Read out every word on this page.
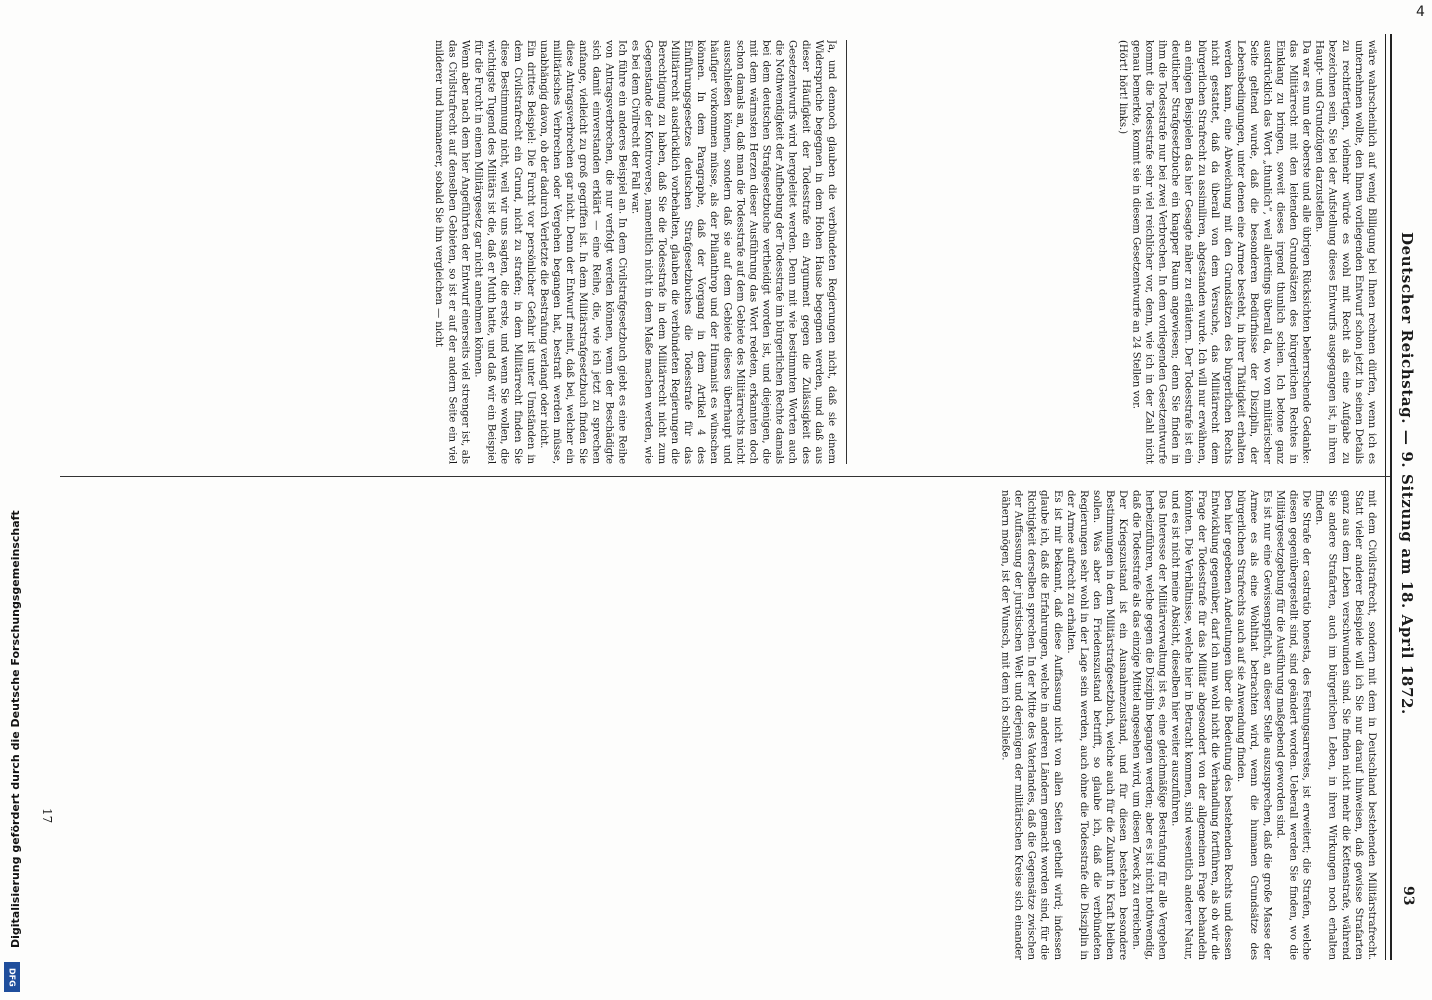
4
Deutscher Reichstag. — 9. Sitzung am 18. April 1872.
93
wäre wahrscheinlich auf wenig Billigung bei Ihnen rechnen dürfen, wenn ich es unternehmen wollte, den Ihnen vorliegenden Entwurf schon jetzt in seinen Details zu rechtfertigen, vielmehr würde es wohl mit Recht als eine Aufgabe zu bezeichnen sein, Sie bei der Aufstellung dieses Entwurfs ausgegangen ist, in ihren Haupt- und Grundzügen darzustellen.
Da war es nun der oberste und alle übrigen Rücksichten beherrschende Gedanke: das Militärrecht mit den leitenden Grundsätzen des bürgerlichen Rechtes in Einklang zu bringen, soweit dieses irgend thunlich schien. Ich betone ganz ausdrücklich das Wort „thunlich“, weil allerdings überall da, wo von militärischer Seite geltend wurde, daß die besonderen Bedürfnisse der Disziplin, der Lebensbedingungen, unter denen eine Armee besteht, in ihrer Thätigkeit erhalten werden kann, eine Abweichung mit den Grundsätzen des bürgerlichen Rechts nicht gestattet, daß da überall von dem Versuche, das Militärrecht dem bürgerlichen Strafrecht zu assimiliren, abgestanden wurde. Ich will nur erwähnen, an einigen Beispielen das hier Gesagte näher zu erläutern. Der Todesstrafe ist ein deutlicher Strafgesetzbuche ein knapper Raum angewiesen; denn Sie finden in ihm die Todesstrafe nur bei zwei Verbrechen. In dem vorliegenden Gesetzentwurfe kommt die Todesstrafe sehr viel reichlicher vor, denn, wie ich in der Zahl nicht genau bemerkte, kommt sie in diesem Gesetzentwurfe an 24 Stellen vor.
(Hört! hört! links.)
Ja, und dennoch glauben die verbündeten Regierungen nicht, daß sie einem Widerspruche begegnen in dem Hohen Hause begegnen werden, und daß aus dieser Häufigkeit der Todesstrafe ein Argument gegen die Zulässigkeit des Gesetzentwurfs wird hergeleitet werden. Denn mit wie bestimmten Worten auch die Nothwendigkeit der Aufhebung der Todesstrafe im bürgerlichen Rechte damals bei dem deutschen Strafgesetzbuche vertheidigt worden ist, und diejenigen, die mit dem wärmsten Herzen dieser Ausführung das Wort redeten, erkannten doch schon damals an, daß man die Todesstrafe auf dem Gebiete des Militärrechts nicht ausschließen können, sondern daß sie auf dem Gebiete dieses überhaupt und häufiger vorkommen müsse, als der Philanthrop und der Humanist es wünschen können. In dem Paragraphe, daß der Vorgang in dem Artikel 4 des Einführungsgesetzes deutschen Strafgesetzbuches die Todesstrafe für das Militärrecht ausdrücklich vorbehalten, glauben die verbündeten Regierungen die Berechtigung zu haben, daß Sie die Todesstrafe in dem Militärrecht nicht zum Gegenstande der Kontroverse, namentlich nicht in dem Maße machen werden, wie es bei dem Civilrecht der Fall war.
Ich führe ein anderes Beispiel an. In dem Civilstrafgesetzbuch giebt es eine Reihe von Antragsverbrechen, die nur verfolgt werden können, wenn der Beschädigte sich damit einverstanden erklärt — eine Reihe, die, wie ich jetzt zu sprechen anfange, vielleicht zu groß gegriffen ist. In dem Militärstrafgesetzbuch finden Sie diese Antragsverbrechen gar nicht. Denn der Entwurf meint, daß bei, welcher ein militärisches Verbrechen oder Vergehen begangen hat, bestraft werden müsse, unabhängig davon, ob der dadurch Verletzte die Bestrafung verlangt oder nicht.
Ein drittes Beispiel: Die Furcht vor persönlicher Gefahr ist unter Umständen in dem Civilstrafrecht ein Grund, nicht zu strafen; in dem Militärrecht finden Sie diese Bestimmung nicht, weil wir uns sagten, die erste, und wenn Sie wollen, die wichtigste Tugend des Militärs ist die, daß er Muth hatte, und daß wir ein Beispiel für die Furcht in einem Militärgesetz gar nicht annehmen können.
Wenn aber nach dem hier Angeführten der Entwurf einerseits viel strenger ist, als das Civilstrafrecht auf denselben Gebieten, so ist er auf der andern Seite ein viel milderer und humanerer, sobald Sie ihn vergleichen — nicht
mit dem Civilstrafrecht, sondern mit dem in Deutschland bestehenden Militärstrafrecht. Statt vieler anderer Beispiele will ich Sie nur darauf hinweisen, daß gewisse Strafarten ganz aus dem Leben verschwunden sind. Sie finden nicht mehr die Kettenstrafe, während Sie andere Strafarten, auch im bürgerlichen Leben, in ihren Wirkungen noch erhalten finden.
Die Strafe der castratio honesta, des Festungsarrestes, ist erweitert; die Strafen, welche diesen gegenübergestellt sind, sind geändert worden. Ueberall werden Sie finden, wo die Militärgesetzgebung für die Ausführung maßgebend geworden sind.
Es ist nur eine Gewissenspflicht, an dieser Stelle auszusprechen, daß die große Masse der Armee es als eine Wohlthat betrachten wird, wenn die humanen Grundsätze des bürgerlichen Strafrechts auch auf sie Anwendung finden.
Den hier gegebenen Andeutungen über die Bedeutung des bestehenden Rechts und dessen Entwicklung gegenüber, darf ich nun wohl nicht die Verhandlung fortführen, als ob wir die Frage der Todesstrafe für das Militär abgesondert von der allgemeinen Frage behandeln könnten. Die Verhältnisse, welche hier in Betracht kommen, sind wesentlich anderer Natur, und es ist nicht meine Absicht, dieselben hier weiter auszuführen.
Das Interesse der Militärverwaltung ist es, eine gleichmäßige Bestrafung für alle Vergehen herbeizuführen, welche gegen die Disziplin begangen werden; aber es ist nicht nothwendig, daß die Todesstrafe als das einzige Mittel angesehen wird, um diesen Zweck zu erreichen.
Der Kriegszustand ist ein Ausnahmezustand, und für diesen bestehen besondere Bestimmungen in dem Militärstrafgesetzbuch, welche auch für die Zukunft in Kraft bleiben sollen. Was aber den Friedenszustand betrifft, so glaube ich, daß die verbündeten Regierungen sehr wohl in der Lage sein werden, auch ohne die Todesstrafe die Disziplin in der Armee aufrecht zu erhalten.
Es ist mir bekannt, daß diese Auffassung nicht von allen Seiten getheilt wird; indessen glaube ich, daß die Erfahrungen, welche in anderen Ländern gemacht worden sind, für die Richtigkeit derselben sprechen. In der Mitte des Vaterlandes, daß die Gegensätze zwischen der Auffassung der juristischen Welt und derjenigen der militärischen Kreise sich einander nähern mögen, ist der Wunsch, mit dem ich schließe.
17
Digitalisierung gefördert durch die Deutsche Forschungsgemeinschaft
DFG
